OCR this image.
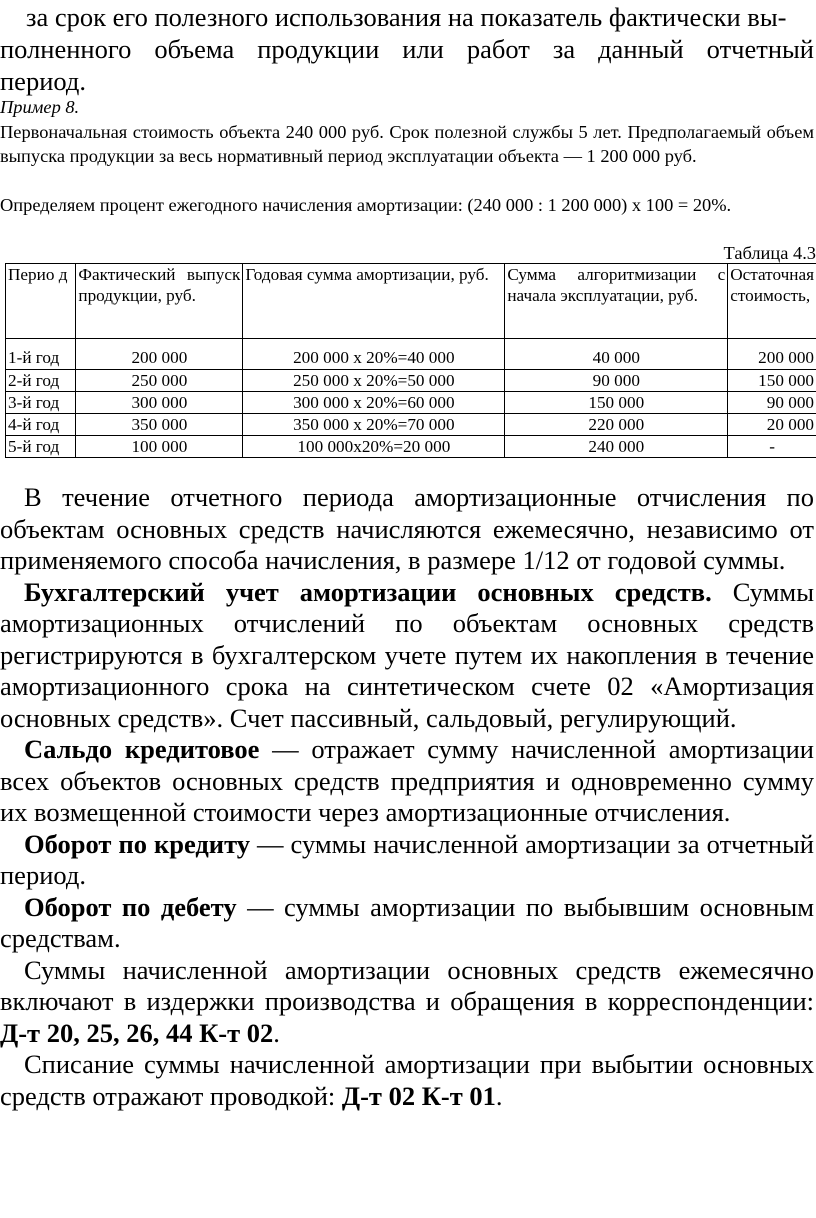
за срок его полезного использования на показатель фактически вы-

полненного объема продукции или работ за данный отчетный

период.

Пример 8.

Первоначальная стоимость объекта 240 000 руб. Срок полезной службы 5 лет. Предполагаемый объем выпуска продукции за весь нормативный период эксплуатации объекта — 1 200 000 руб.

Определяем процент ежегодного начисления амортизации: (240 000 : 1 200 000) х 100 = 20%.

Таблица 4.3
Перио д	Фактический выпуск продукции, руб.	Годовая сумма амортизации, руб.	Сумма алгоритмизации с начала эксплуатации, руб.	Остаточная стоимость,
1-й год	200 000	200 000 х 20%=40 000	40 000	200 000
2-й год	250 000	250 000 х 20%=50 000	90 000	150 000
3-й год	300 000	300 000 х 20%=60 000	150 000	90 000
4-й год	350 000	350 000 х 20%=70 000	220 000	20 000
5-й год	100 000	100 000х20%=20 000	240 000	-

В течение отчетного периода амортизационные отчисления по объектам основных средств начисляются ежемесячно, независимо от применяемого способа начисления, в размере 1/12 от годовой суммы.

Бухгалтерский учет амортизации основных средств. Суммы амортизационных отчислений по объектам основных средств регистрируются в бухгалтерском учете путем их накопления в течение амортизационного срока на синтетическом счете 02 «Амортизация основных средств». Счет пассивный, сальдовый, регулирующий.

Сальдо кредитовое — отражает сумму начисленной амортизации всех объектов основных средств предприятия и одновременно сумму их возмещенной стоимости через амортизационные отчисления.

Оборот по кредиту — суммы начисленной амортизации за отчетный период.

Оборот по дебету — суммы амортизации по выбывшим основным средствам.

Суммы начисленной амортизации основных средств ежемесячно включают в издержки производства и обращения в корреспонденции: Д-т 20, 25, 26, 44 К-т 02.

Списание суммы начисленной амортизации при выбытии основных средств отражают проводкой: Д-т 02 К-т 01.
